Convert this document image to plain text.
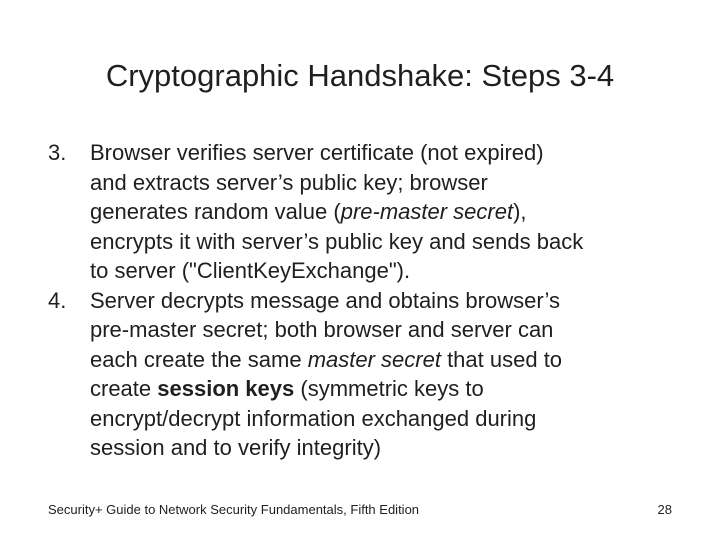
Cryptographic Handshake: Steps 3-4
3. Browser verifies server certificate (not expired)
and extracts server’s public key; browser
generates random value (pre-master secret),
encrypts it with server’s public key and sends back
to server ("ClientKeyExchange").
4. Server decrypts message and obtains browser’s
pre-master secret; both browser and server can
each create the same master secret that used to
create session keys (symmetric keys to
encrypt/decrypt information exchanged during
session and to verify integrity)
Security+ Guide to Network Security Fundamentals, Fifth Edition	28
